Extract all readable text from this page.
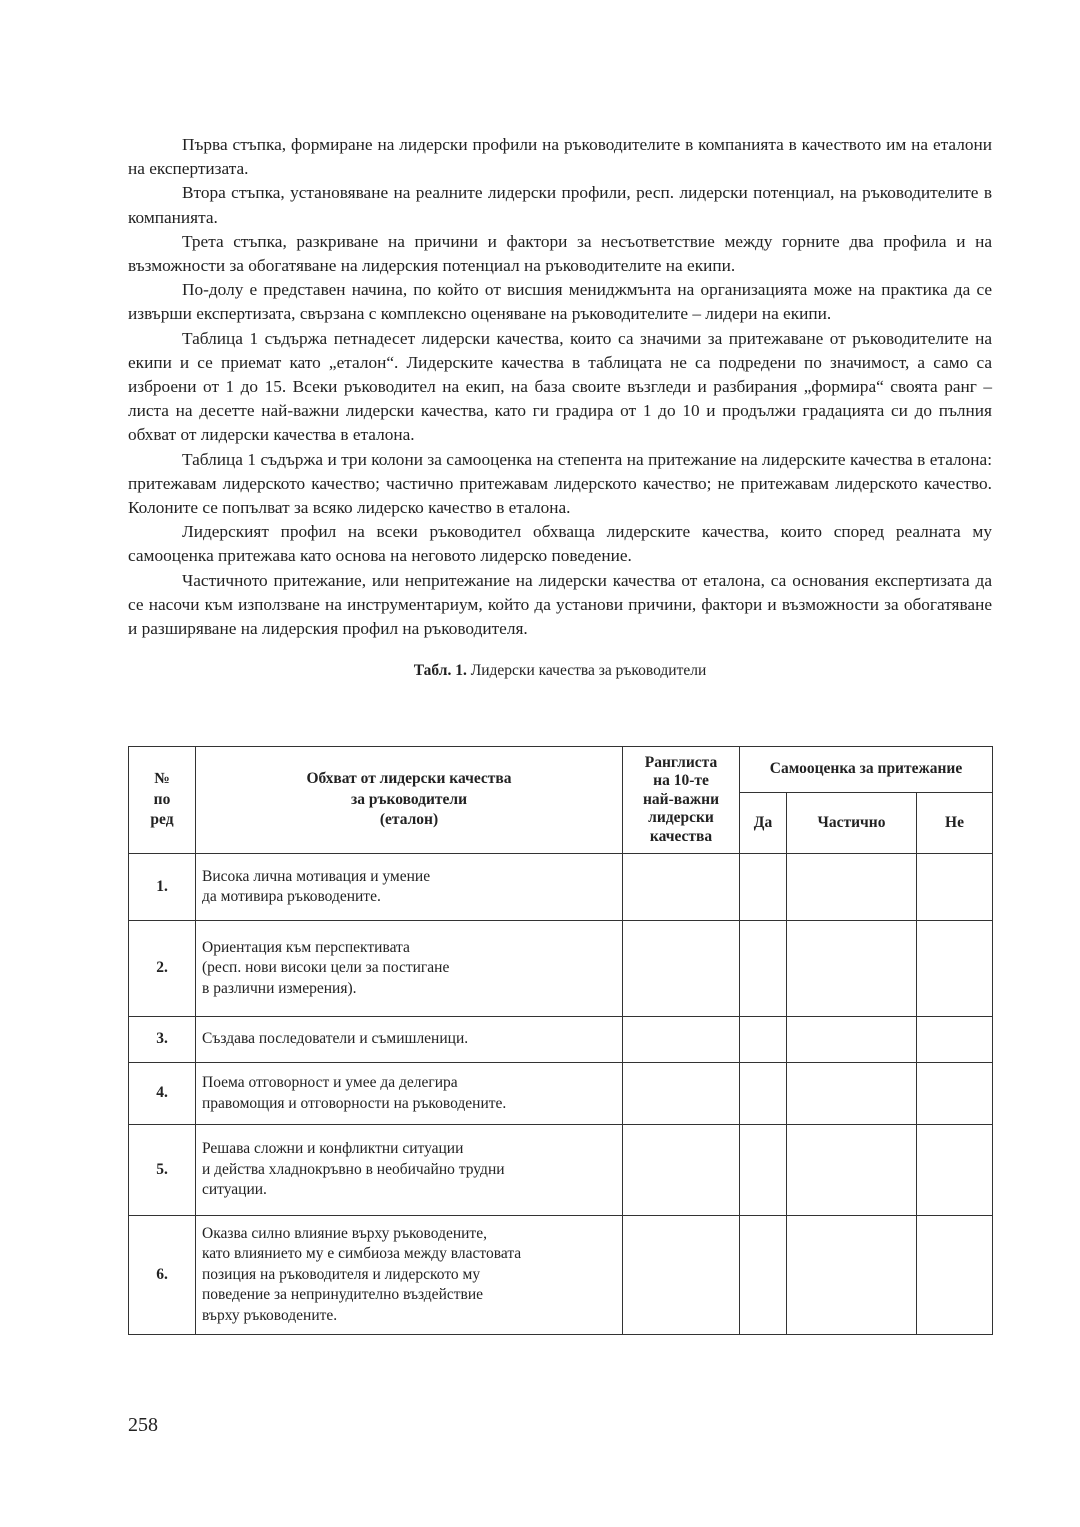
Първа стъпка, формиране на лидерски профили на ръководителите в компанията в качеството им на еталони на експертизата.

Втора стъпка, установяване на реалните лидерски профили, респ. лидерски потенциал, на ръководителите в компанията.

Трета стъпка, разкриване на причини и фактори за несъответствие между горните два профила и на възможности за обогатяване на лидерския потенциал на ръководителите на екипи.

По-долу е представен начина, по който от висшия мениджмънта на организацията може на практика да се извърши експертизата, свързана с комплексно оценяване на ръководителите – лидери на екипи.

Таблица 1 съдържа петнадесет лидерски качества, които са значими за притежаване от ръководителите на екипи и се приемат като „еталон“. Лидерските качества в таблицата не са подредени по значимост, а само са изброени от 1 до 15. Всеки ръководител на екип, на база своите възгледи и разбирания „формира“ своята ранг – листа на десетте най-важни лидерски качества, като ги градира от 1 до 10 и продължи градацията си до пълния обхват от лидерски качества в еталона.

Таблица 1 съдържа и три колони за самооценка на степента на притежание на лидерските качества в еталона: притежавам лидерското качество; частично притежавам лидерското качество; не притежавам лидерското качество. Колоните се попълват за всяко лидерско качество в еталона.

Лидерският профил на всеки ръководител обхваща лидерските качества, които според реалната му самооценка притежава като основа на неговото лидерско поведение.

Частичното притежание, или непритежание на лидерски качества от еталона, са основания експертизата да се насочи към използване на инструментариум, който да установи причини, фактори и възможности за обогатяване и разширяване на лидерския профил на ръководителя.

Табл. 1. Лидерски качества за ръководители
№
по
ред	Обхват от лидерски качества
за ръководители
(еталон)	Ранглиста
на 10-те
най-важни
лидерски
качества	Самооценка за притежание		
			Да	Частично	Не
1.	Висока лична мотивация и умение
да мотивира ръководените.				
2.	Ориентация към перспективата
(респ. нови високи цели за постигане
в различни измерения).				
3.	Създава последователи и съмишленици.				
4.	Поема отговорност и умее да делегира
правомощия и отговорности на ръководените.				
5.	Решава сложни и конфликтни ситуации
и действа хладнокръвно в необичайно трудни
ситуации.				
6.	Оказва силно влияние върху ръководените,
като влиянието му е симбиоза между властовата
позиция на ръководителя и лидерското му
поведение за непринудително въздействие
върху ръководените.				
258
